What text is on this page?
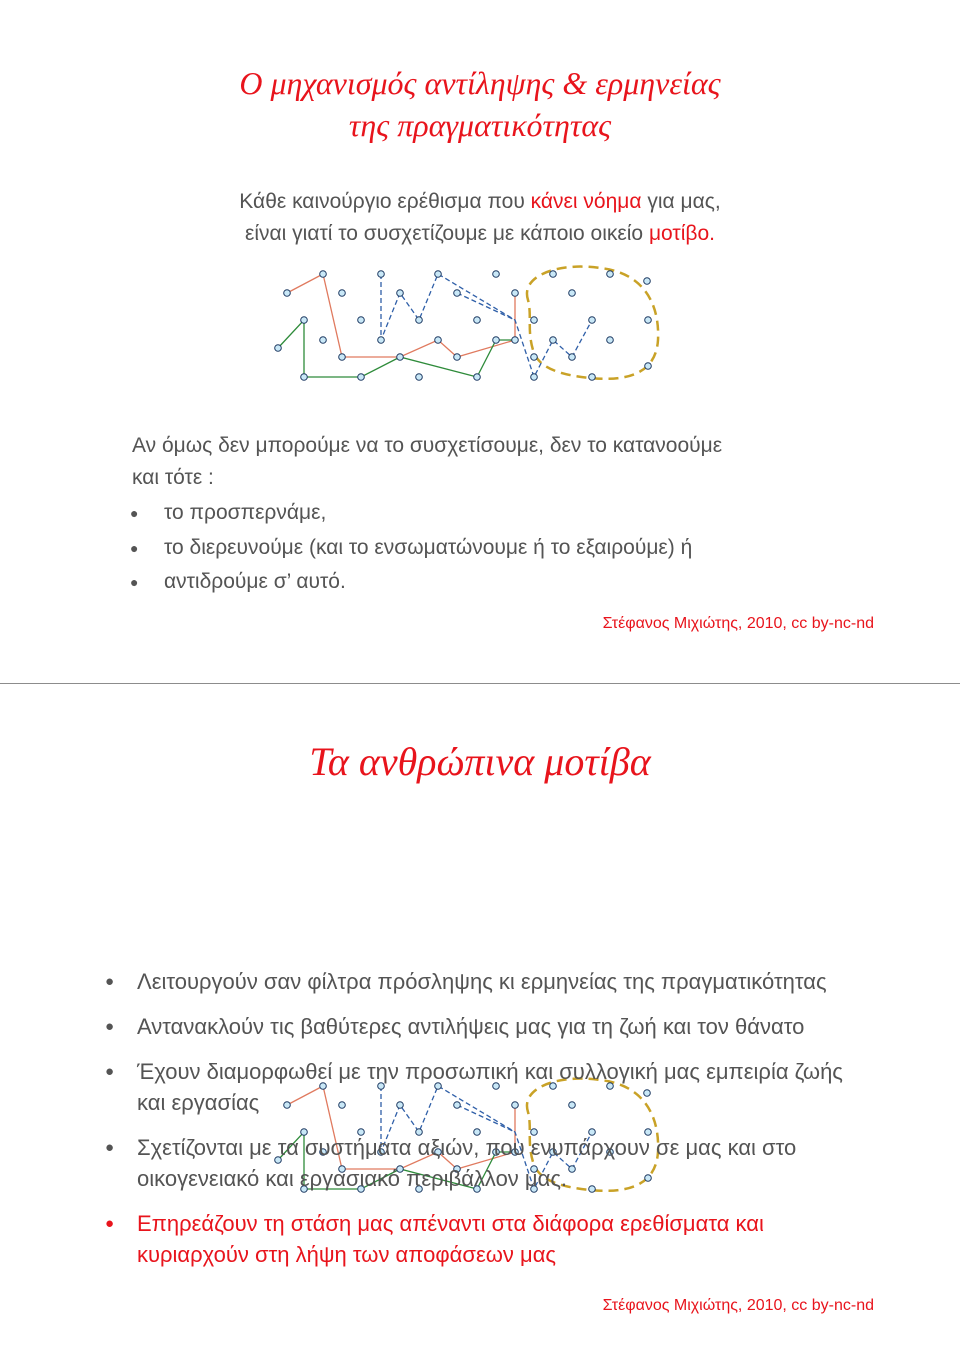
Ο μηχανισμός αντίληψης & ερμηνείας
της πραγματικότητας
Κάθε καινούργιο ερέθισμα που κάνει νόημα για μας,
είναι γιατί το συσχετίζουμε με κάποιο οικείο μοτίβο.
Αν όμως δεν μπορούμε να το συσχετίσουμε, δεν το κατανοούμε
και τότε :
● το προσπερνάμε,
● το διερευνούμε (και το ενσωματώνουμε ή το εξαιρούμε) ή
● αντιδρούμε σ’ αυτό.
Στέφανος Μιχιώτης, 2010, cc by-nc-nd
Τα ανθρώπινα μοτίβα
● Λειτουργούν σαν φίλτρα πρόσληψης κι ερμηνείας της πραγματικότητας
● Αντανακλούν τις βαθύτερες αντιλήψεις μας για τη ζωή και τον θάνατο
● Έχουν διαμορφωθεί με την προσωπική και συλλογική μας εμπειρία ζωής και εργασίας
● Σχετίζονται με τα συστήματα αξιών, που ενυπάρχουν σε μας και στο οικογενειακό και εργασιακό περιβάλλον μας.
● Επηρεάζουν τη στάση μας απέναντι στα διάφορα ερεθίσματα και κυριαρχούν στη λήψη των αποφάσεων μας
Στέφανος Μιχιώτης, 2010, cc by-nc-nd
